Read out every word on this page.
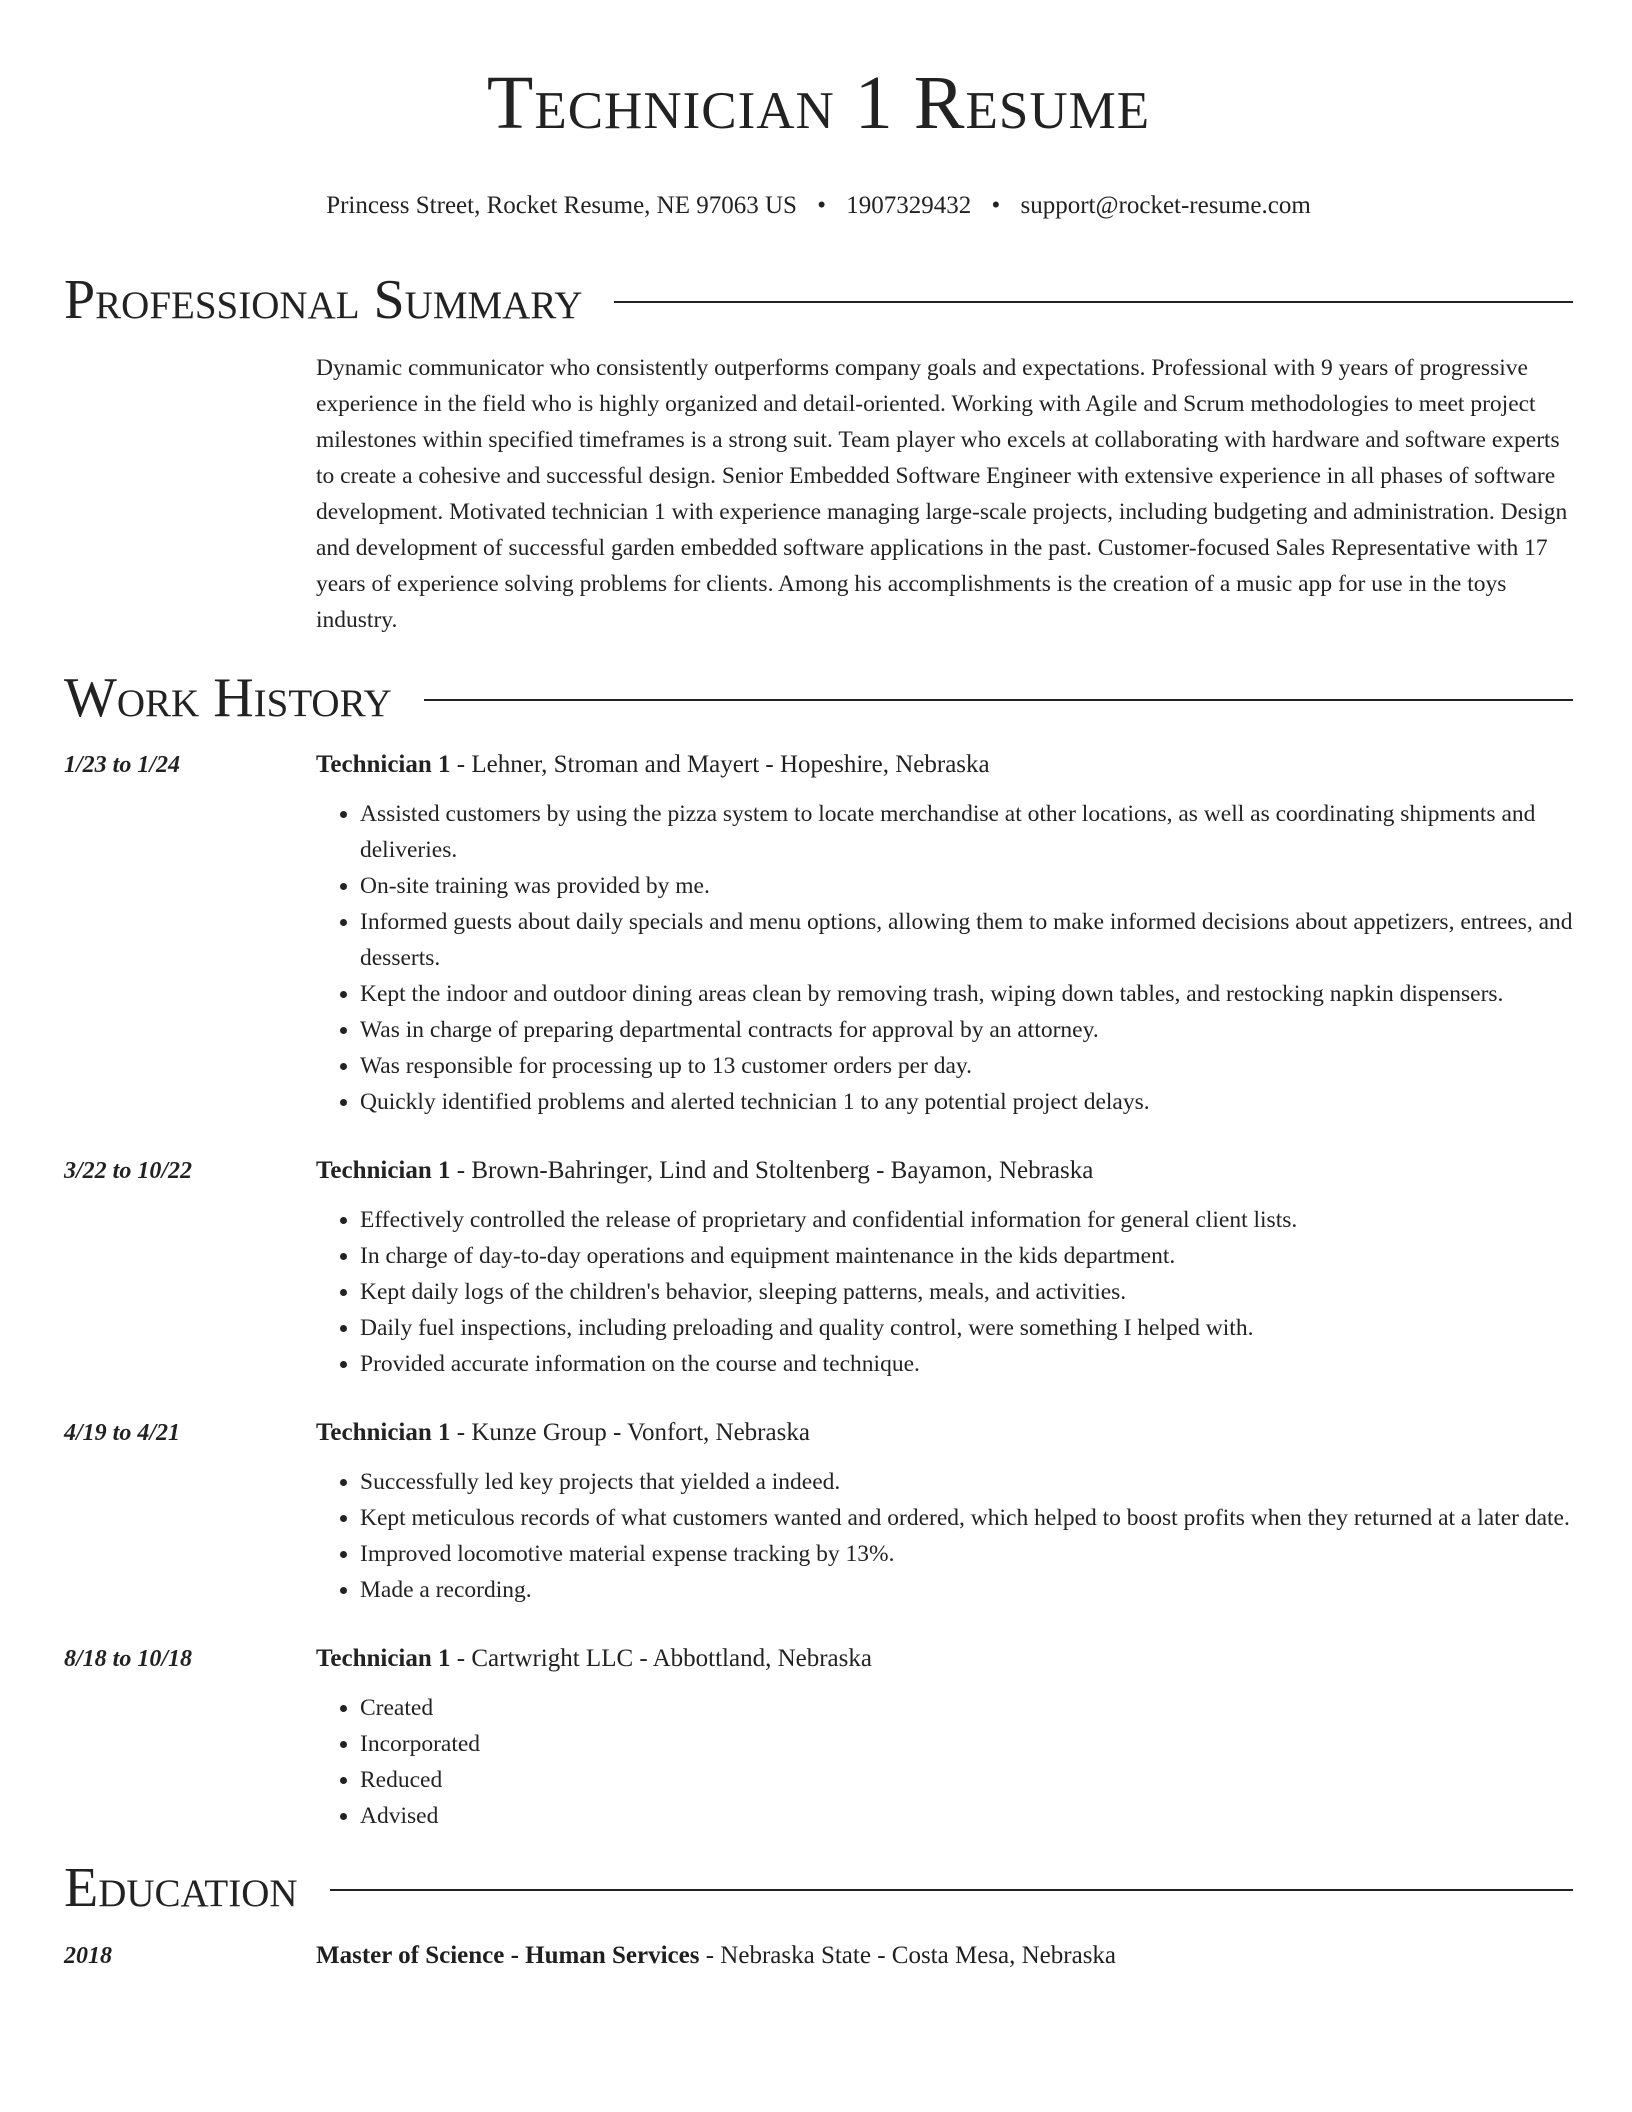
Technician 1 Resume
Princess Street, Rocket Resume, NE 97063 US • 1907329432 • support@rocket-resume.com
Professional Summary
Dynamic communicator who consistently outperforms company goals and expectations. Professional with 9 years of progressive experience in the field who is highly organized and detail-oriented. Working with Agile and Scrum methodologies to meet project milestones within specified timeframes is a strong suit. Team player who excels at collaborating with hardware and software experts to create a cohesive and successful design. Senior Embedded Software Engineer with extensive experience in all phases of software development. Motivated technician 1 with experience managing large-scale projects, including budgeting and administration. Design and development of successful garden embedded software applications in the past. Customer-focused Sales Representative with 17 years of experience solving problems for clients. Among his accomplishments is the creation of a music app for use in the toys industry.
Work History
1/23 to 1/24	Technician 1 - Lehner, Stroman and Mayert - Hopeshire, Nebraska
• Assisted customers by using the pizza system to locate merchandise at other locations, as well as coordinating shipments and deliveries.
• On-site training was provided by me.
• Informed guests about daily specials and menu options, allowing them to make informed decisions about appetizers, entrees, and desserts.
• Kept the indoor and outdoor dining areas clean by removing trash, wiping down tables, and restocking napkin dispensers.
• Was in charge of preparing departmental contracts for approval by an attorney.
• Was responsible for processing up to 13 customer orders per day.
• Quickly identified problems and alerted technician 1 to any potential project delays.
3/22 to 10/22	Technician 1 - Brown-Bahringer, Lind and Stoltenberg - Bayamon, Nebraska
• Effectively controlled the release of proprietary and confidential information for general client lists.
• In charge of day-to-day operations and equipment maintenance in the kids department.
• Kept daily logs of the children's behavior, sleeping patterns, meals, and activities.
• Daily fuel inspections, including preloading and quality control, were something I helped with.
• Provided accurate information on the course and technique.
4/19 to 4/21	Technician 1 - Kunze Group - Vonfort, Nebraska
• Successfully led key projects that yielded a indeed.
• Kept meticulous records of what customers wanted and ordered, which helped to boost profits when they returned at a later date.
• Improved locomotive material expense tracking by 13%.
• Made a recording.
8/18 to 10/18	Technician 1 - Cartwright LLC - Abbottland, Nebraska
• Created
• Incorporated
• Reduced
• Advised
Education
2018	Master of Science - Human Services - Nebraska State - Costa Mesa, Nebraska
